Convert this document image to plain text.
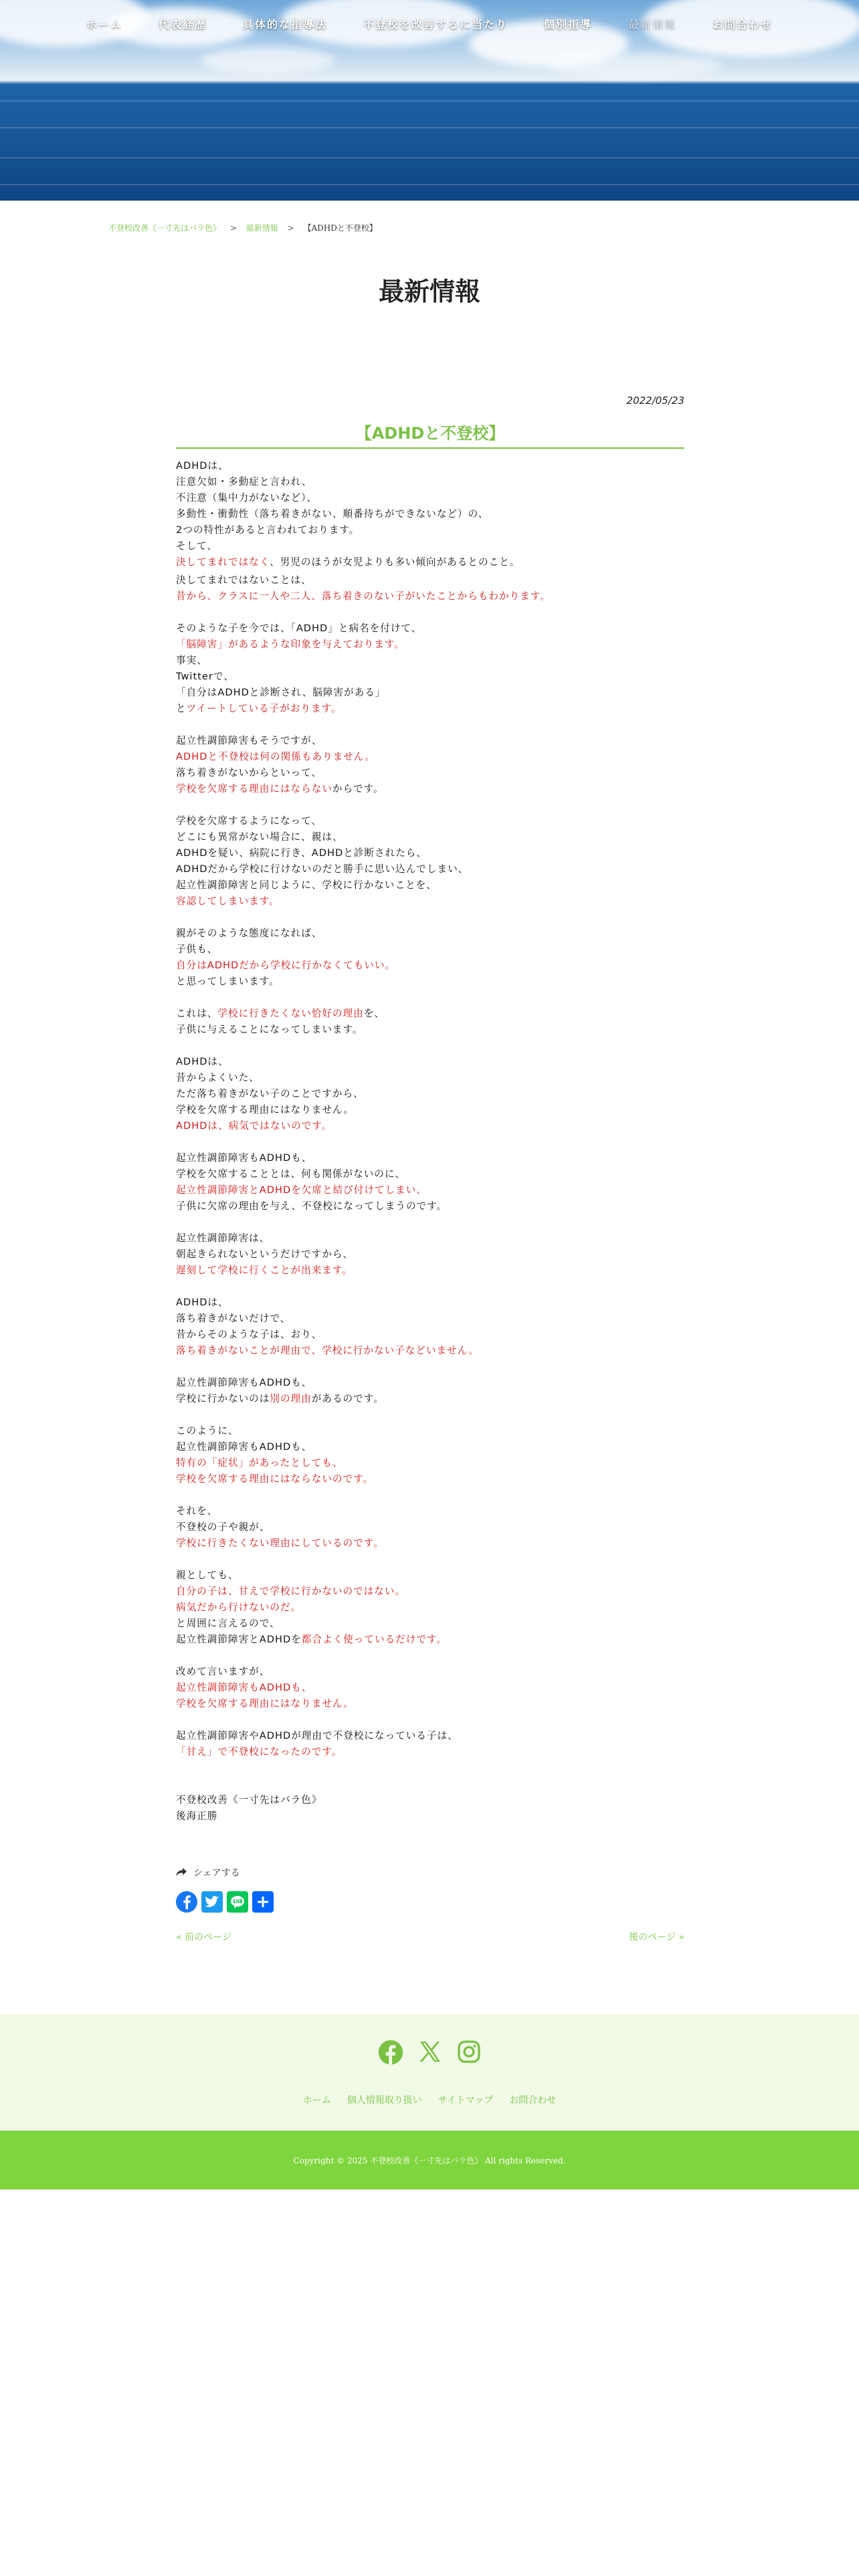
ホーム	代表経歴	具体的な指導法	不登校を改善するに当たり	個別指導	最新情報	お問合わせ
不登校改善《一寸先はバラ色》 > 最新情報 > 【ADHDと不登校】
最新情報
2022/05/23
【ADHDと不登校】

ADHDは、
注意欠如・多動症と言われ、
不注意（集中力がないなど）、
多動性・衝動性（落ち着きがない、順番待ちができないなど）の、
2つの特性があると言われております。
そして、
決してまれではなく、男児のほうが女児よりも多い傾向があるとのこと。

決してまれではないことは、
昔から、クラスに一人や二人、落ち着きのない子がいたことからもわかります。

そのような子を今では、「ADHD」と病名を付けて、
「脳障害」があるような印象を与えております。
事実、
Twitterで、
「自分はADHDと診断され、脳障害がある」
とツイートしている子がおります。

起立性調節障害もそうですが、
ADHDと不登校は何の関係もありません。
落ち着きがないからといって、
学校を欠席する理由にはならないからです。

学校を欠席するようになって、
どこにも異常がない場合に、親は、
ADHDを疑い、病院に行き、ADHDと診断されたら、
ADHDだから学校に行けないのだと勝手に思い込んでしまい、
起立性調節障害と同じように、学校に行かないことを、
容認してしまいます。

親がそのような態度になれば、
子供も、
自分はADHDだから学校に行かなくてもいい。
と思ってしまいます。

これは、学校に行きたくない恰好の理由を、
子供に与えることになってしまいます。

ADHDは、
昔からよくいた、
ただ落ち着きがない子のことですから、
学校を欠席する理由にはなりません。
ADHDは、病気ではないのです。

起立性調節障害もADHDも、
学校を欠席することとは、何も関係がないのに、
起立性調節障害とADHDを欠席と結び付けてしまい、
子供に欠席の理由を与え、不登校になってしまうのです。

起立性調節障害は、
朝起きられないというだけですから、
遅刻して学校に行くことが出来ます。

ADHDは、
落ち着きがないだけで、
昔からそのような子は、おり、
落ち着きがないことが理由で、学校に行かない子などいません。

起立性調節障害もADHDも、
学校に行かないのは別の理由があるのです。

このように、
起立性調節障害もADHDも、
特有の「症状」があったとしても、
学校を欠席する理由にはならないのです。

それを、
不登校の子や親が、
学校に行きたくない理由にしているのです。

親としても、
自分の子は、甘えで学校に行かないのではない。
病気だから行けないのだ。
と周囲に言えるので、
起立性調節障害とADHDを都合よく使っているだけです。

改めて言いますが、
起立性調節障害もADHDも、
学校を欠席する理由にはなりません。

起立性調節障害やADHDが理由で不登校になっている子は、
「甘え」で不登校になったのです。

不登校改善《一寸先はバラ色》
後海正勝
シェアする
« 前のページ	後のページ »
ホーム 個人情報取り扱い サイトマップ お問合わせ
Copyright © 2025 不登校改善《一寸先はバラ色》 All rights Reserved.
